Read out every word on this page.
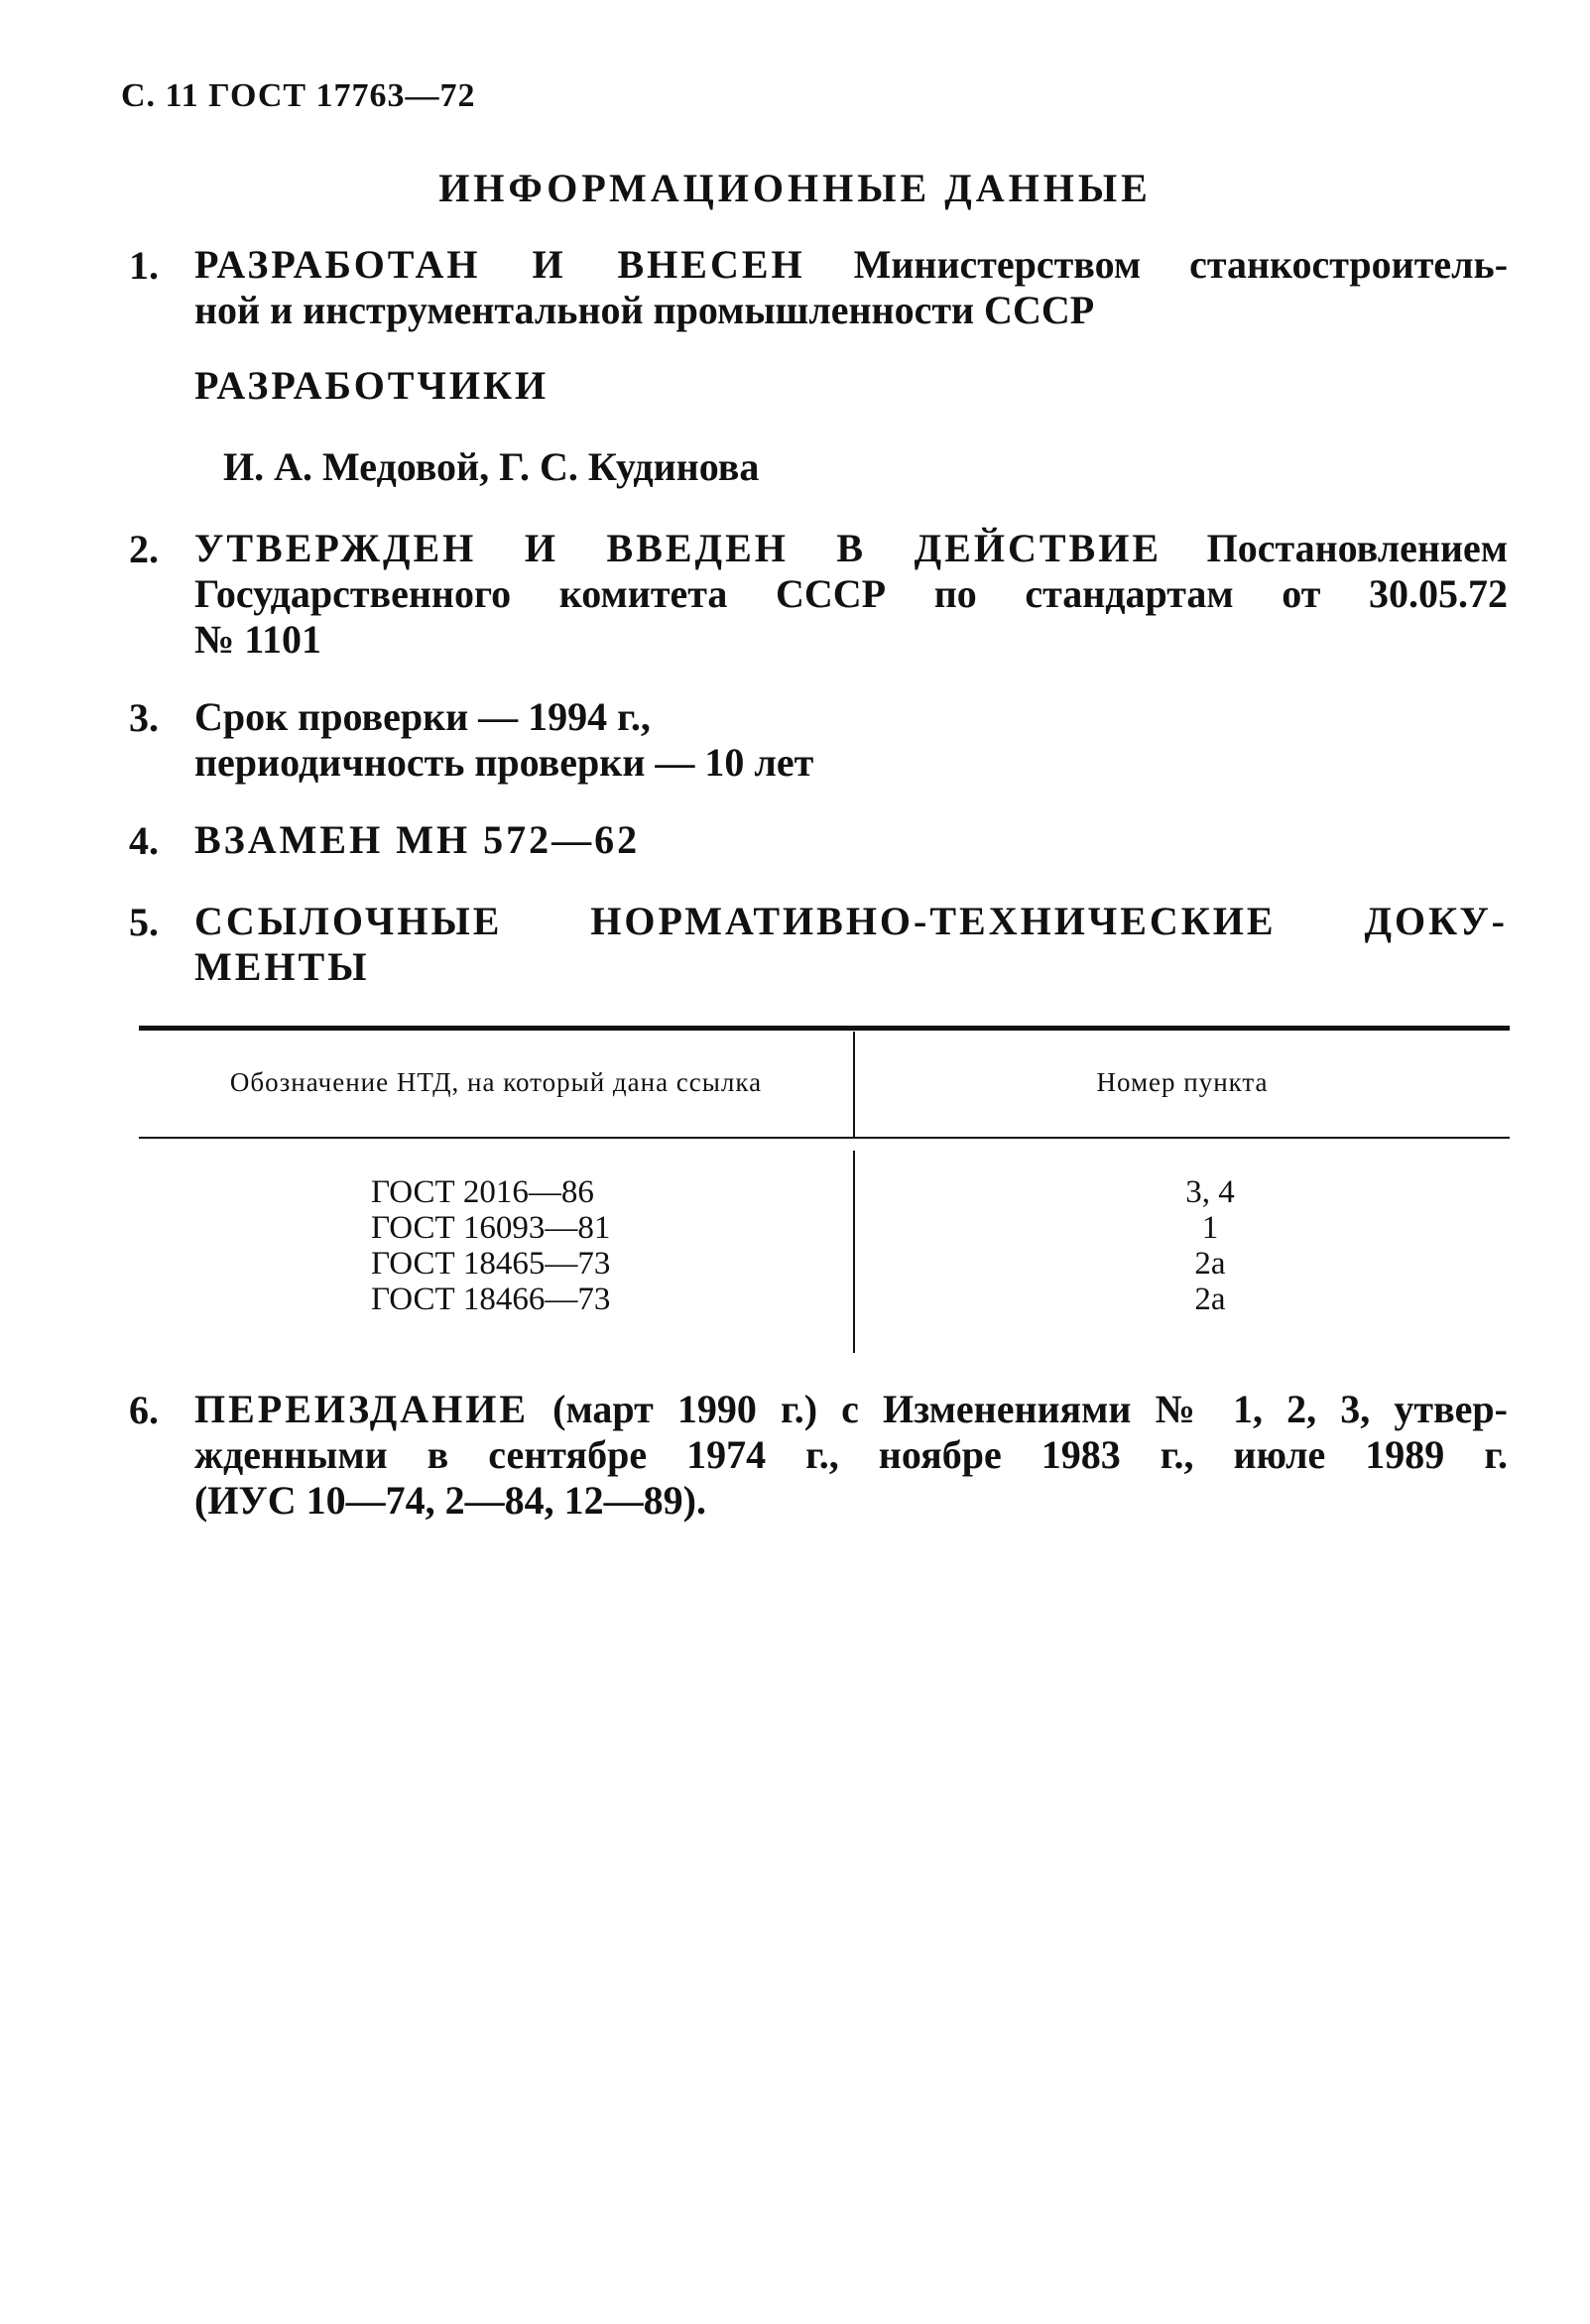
С. 11 ГОСТ 17763—72
ИНФОРМАЦИОННЫЕ ДАННЫЕ
1. РАЗРАБОТАН И ВНЕСЕН Министерством станкостроитель-
ной и инструментальной промышленности СССР
РАЗРАБОТЧИКИ
И. А. Медовой, Г. С. Кудинова
2. УТВЕРЖДЕН И ВВЕДЕН В ДЕЙСТВИЕ Постановлением
Государственного комитета СССР по стандартам от 30.05.72
№ 1101
3. Срок проверки — 1994 г.,
периодичность проверки — 10 лет
4. ВЗАМЕН МН 572—62
5. ССЫЛОЧНЫЕ НОРМАТИВНО-ТЕХНИЧЕСКИЕ ДОКУ-
МЕНТЫ
Обозначение НТД, на который дана ссылка	Номер пункта
ГОСТ 2016—86	3, 4
ГОСТ 16093—81	1
ГОСТ 18465—73	2а
ГОСТ 18466—73	2а
6. ПЕРЕИЗДАНИЕ (март 1990 г.) с Изменениями № 1, 2, 3, утвер-
жденными в сентябре 1974 г., ноябре 1983 г., июле 1989 г.
(ИУС 10—74, 2—84, 12—89).
